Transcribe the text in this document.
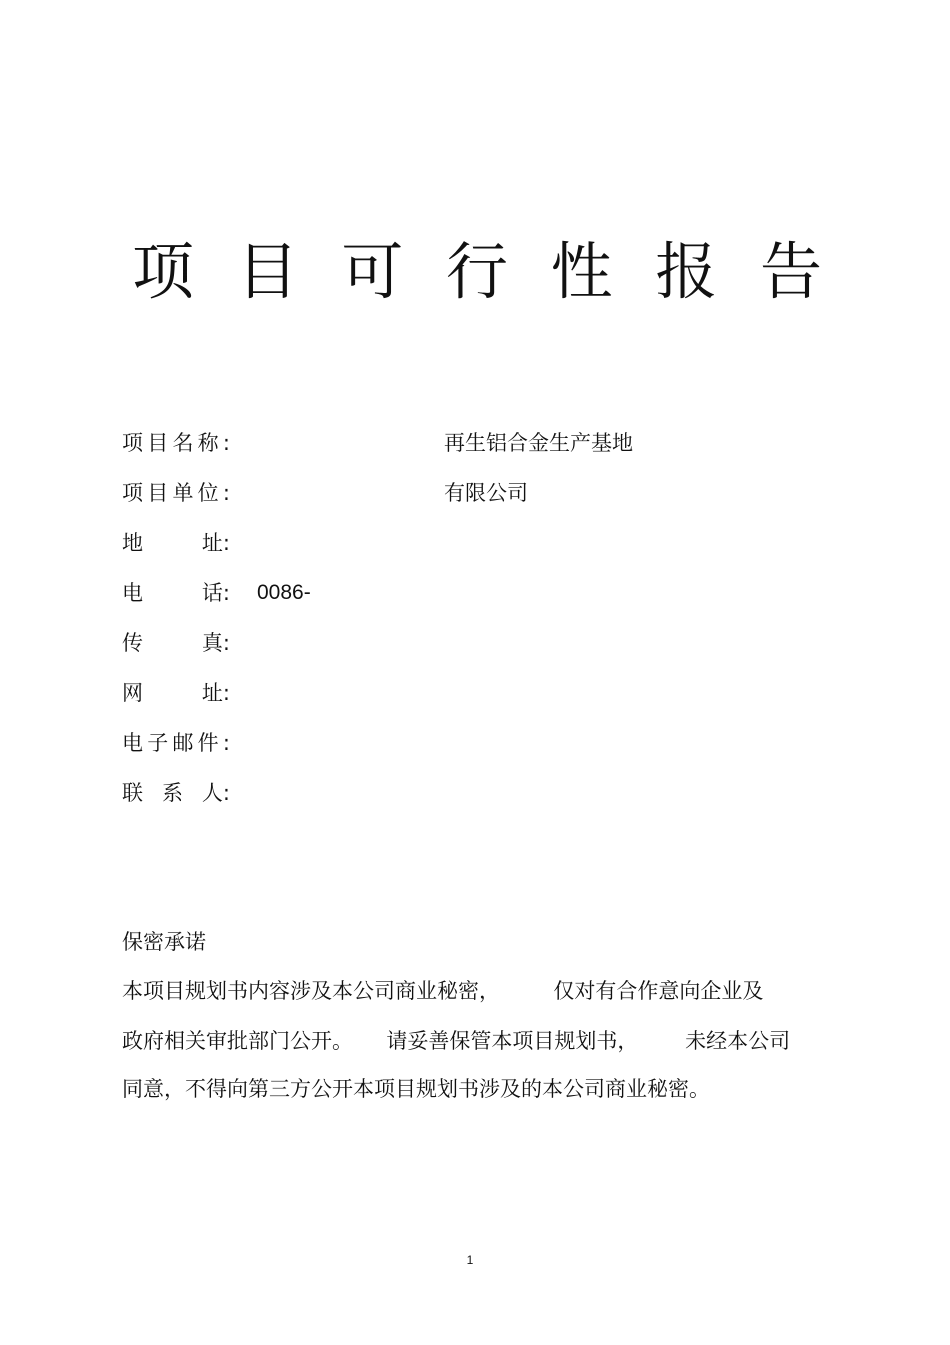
项 目 可 行 性 报 告
项 目 名 称 :	再生铝合金生产基地
项 目 单 位 :	有限公司
地	址:
电	话: 0086-
传	真:
网	址:
电 子 邮 件 :
联 系 人:
保密承诺
本项目规划书内容涉及本公司商业秘密，        仅对有合作意向企业及
政府相关审批部门公开。     请妥善保管本项目规划书，       未经本公司
同意，不得向第三方公开本项目规划书涉及的本公司商业秘密。
1
